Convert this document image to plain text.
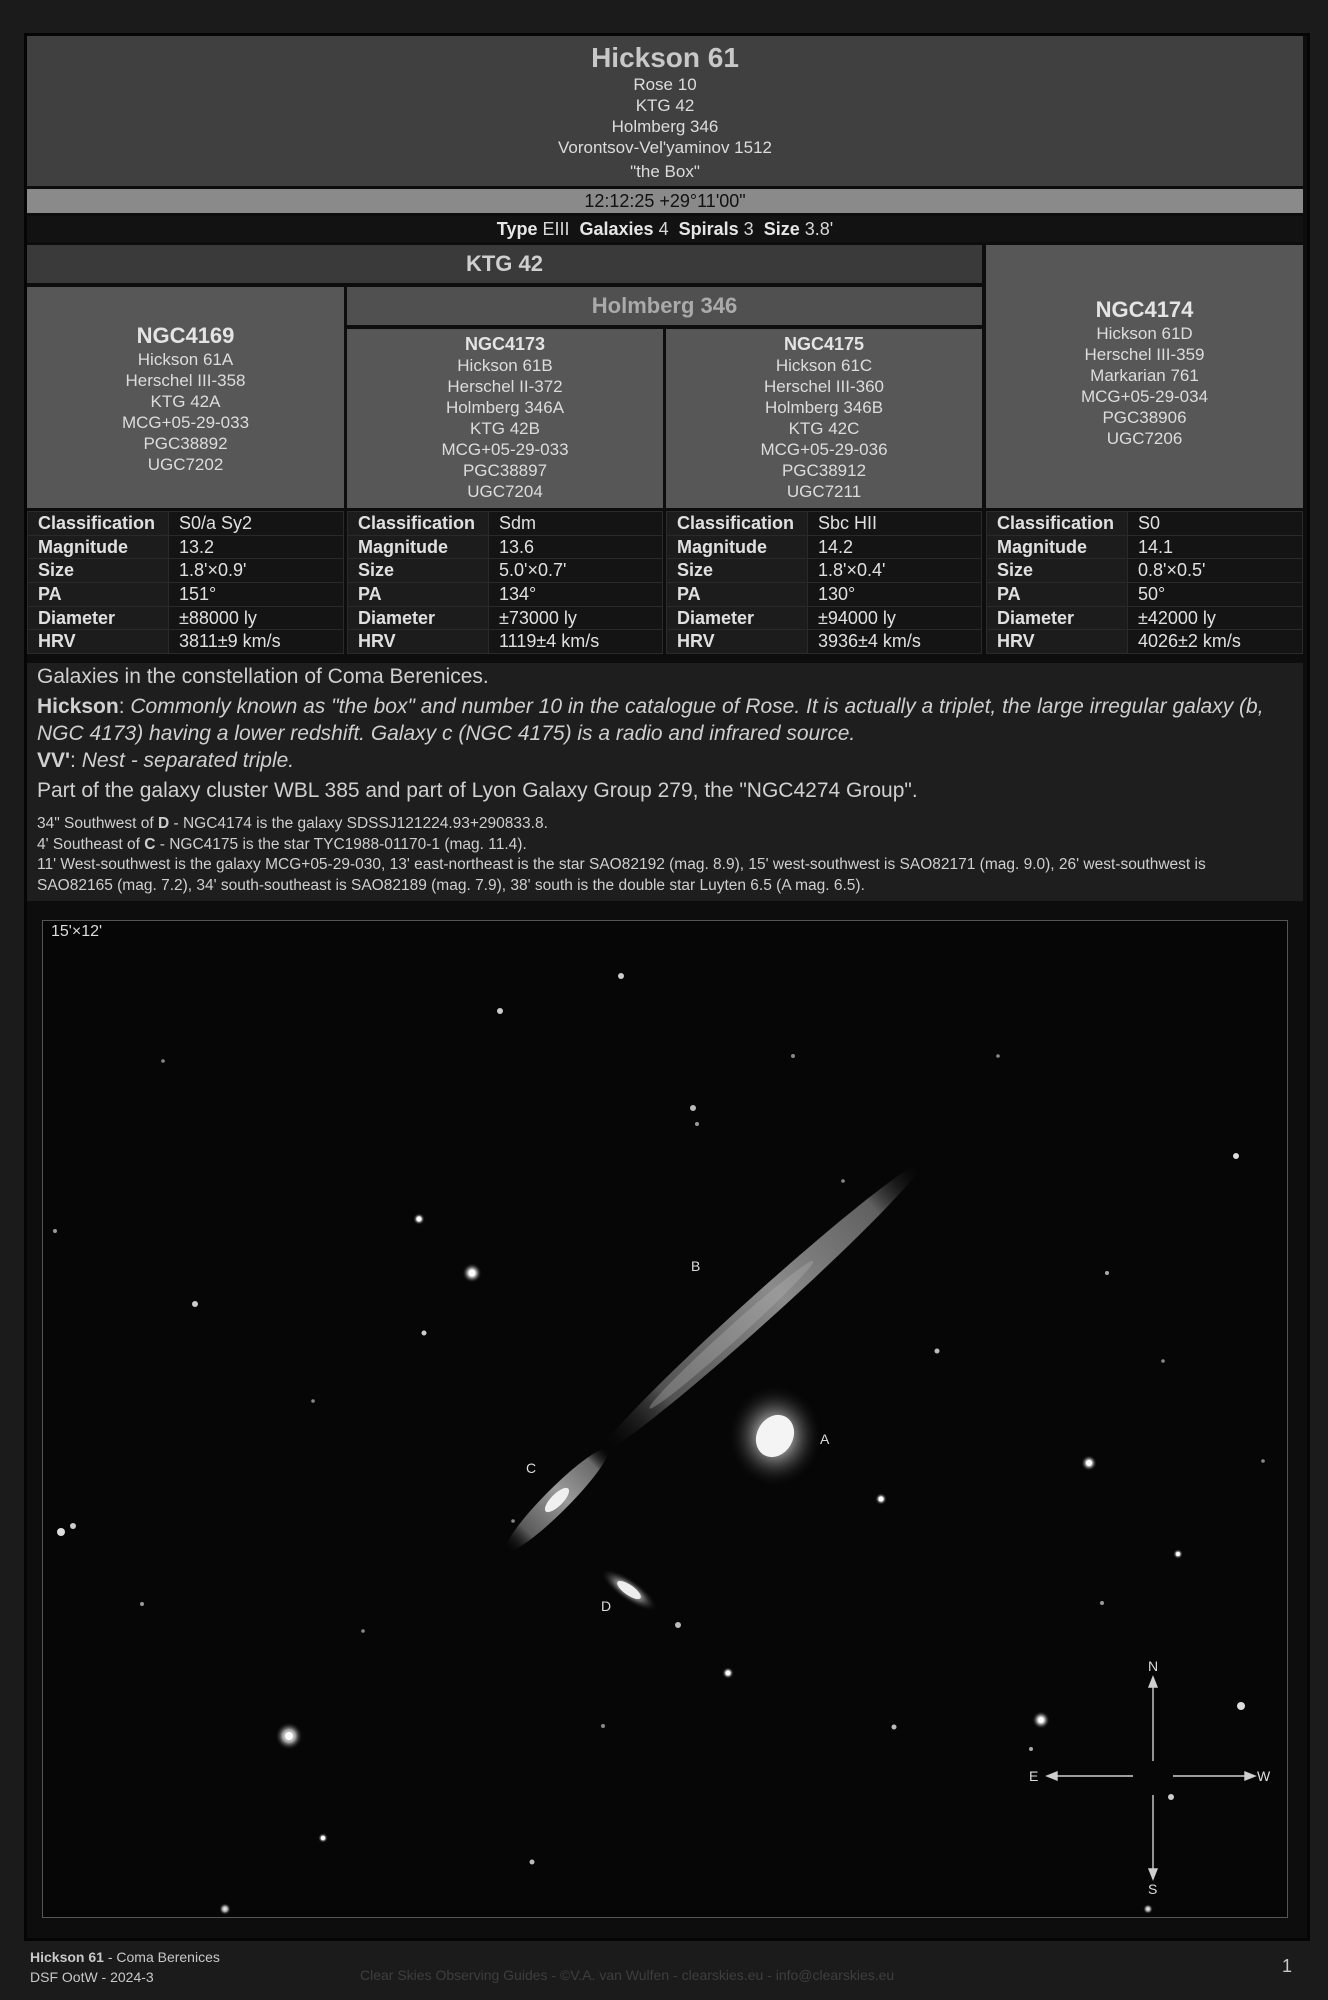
Hickson 61
Rose 10
KTG 42
Holmberg 346
Vorontsov-Vel'yaminov 1512
"the Box"
12:12:25 +29°11'00"
Type EIII Galaxies 4 Spirals 3 Size 3.8'
KTG 42
Holmberg 346
NGC4169
Hickson 61A
Herschel III-358
KTG 42A
MCG+05-29-033
PGC38892
UGC7202
NGC4173
Hickson 61B
Herschel II-372
Holmberg 346A
KTG 42B
MCG+05-29-033
PGC38897
UGC7204
NGC4175
Hickson 61C
Herschel III-360
Holmberg 346B
KTG 42C
MCG+05-29-036
PGC38912
UGC7211
NGC4174
Hickson 61D
Herschel III-359
Markarian 761
MCG+05-29-034
PGC38906
UGC7206
Classification	S0/a Sy2
Magnitude	13.2
Size	1.8'×0.9'
PA	151°
Diameter	±88000 ly
HRV	3811±9 km/s
Classification	Sdm
Magnitude	13.6
Size	5.0'×0.7'
PA	134°
Diameter	±73000 ly
HRV	1119±4 km/s
Classification	Sbc HII
Magnitude	14.2
Size	1.8'×0.4'
PA	130°
Diameter	±94000 ly
HRV	3936±4 km/s
Classification	S0
Magnitude	14.1
Size	0.8'×0.5'
PA	50°
Diameter	±42000 ly
HRV	4026±2 km/s
Galaxies in the constellation of Coma Berenices.
Hickson: Commonly known as "the box" and number 10 in the catalogue of Rose. It is actually a triplet, the large irregular galaxy (b, NGC 4173) having a lower redshift. Galaxy c (NGC 4175) is a radio and infrared source.
VV': Nest - separated triple.
Part of the galaxy cluster WBL 385 and part of Lyon Galaxy Group 279, the "NGC4274 Group".
34" Southwest of D - NGC4174 is the galaxy SDSSJ121224.93+290833.8.
4' Southeast of C - NGC4175 is the star TYC1988-01170-1 (mag. 11.4).
11' West-southwest is the galaxy MCG+05-29-030, 13' east-northeast is the star SAO82192 (mag. 8.9), 15' west-southwest is SAO82171 (mag. 9.0), 26' west-southwest is SAO82165 (mag. 7.2), 34' south-southeast is SAO82189 (mag. 7.9), 38' south is the double star Luyten 6.5 (A mag. 6.5).
15'×12'
B
A
C
D
N
S
E	W
Hickson 61 - Coma Berenices
DSF OotW - 2024-3	Clear Skies Observing Guides - ©V.A. van Wulfen - clearskies.eu - info@clearskies.eu	1
